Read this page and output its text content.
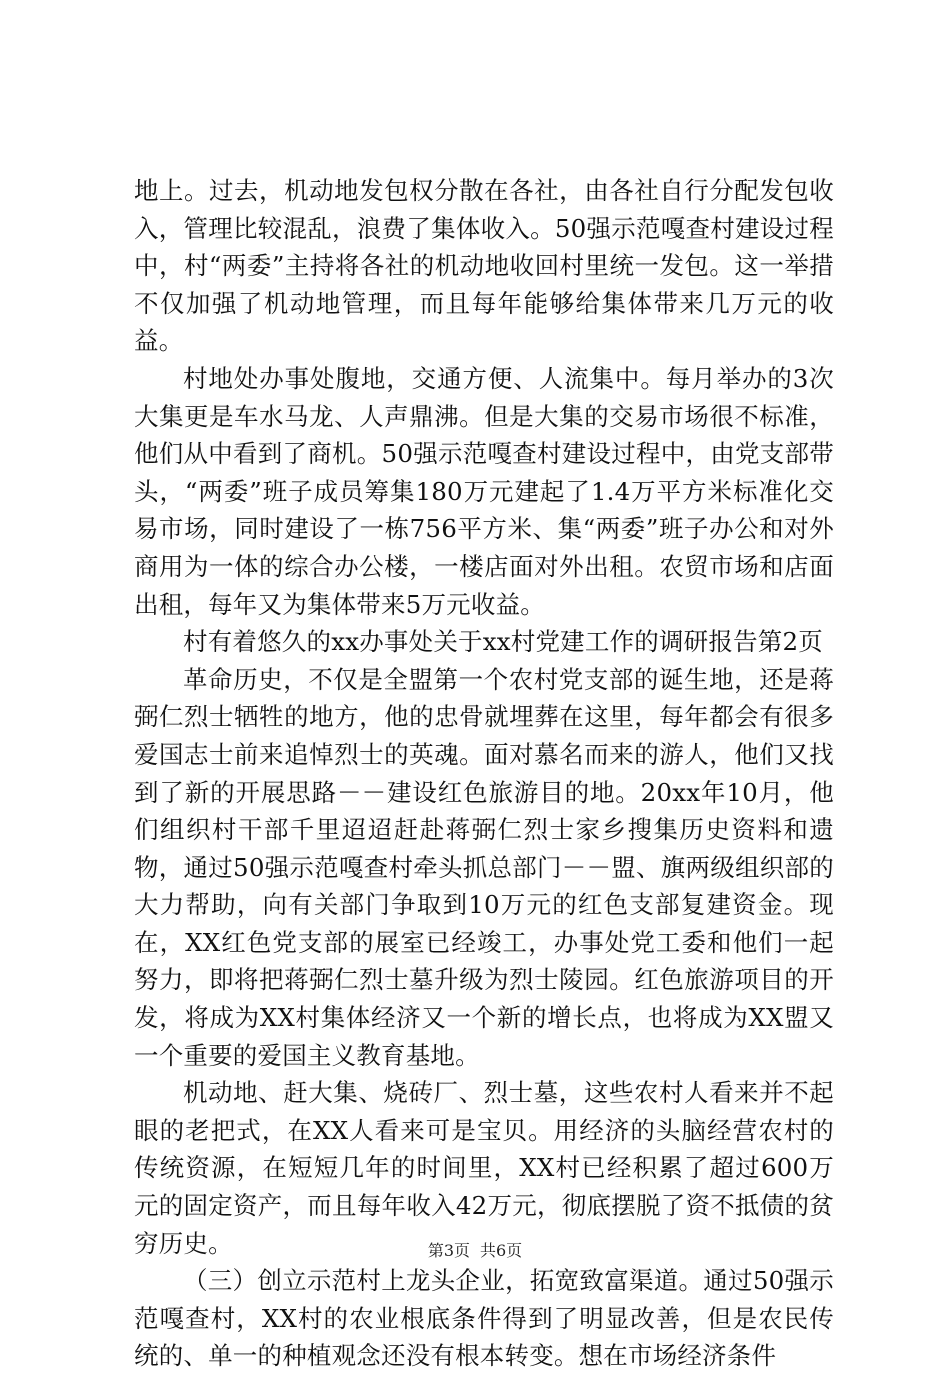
地上。过去，机动地发包权分散在各社，由各社自行分配发包收入，管理比较混乱，浪费了集体收入。50强示范嘎查村建设过程中，村“两委”主持将各社的机动地收回村里统一发包。这一举措不仅加强了机动地管理，而且每年能够给集体带来几万元的收益。

村地处办事处腹地，交通方便、人流集中。每月举办的3次大集更是车水马龙、人声鼎沸。但是大集的交易市场很不标准，他们从中看到了商机。50强示范嘎查村建设过程中，由党支部带头，“两委”班子成员筹集180万元建起了1.4万平方米标准化交易市场，同时建设了一栋756平方米、集“两委”班子办公和对外商用为一体的综合办公楼，一楼店面对外出租。农贸市场和店面出租，每年又为集体带来5万元收益。

村有着悠久的xx办事处关于xx村党建工作的调研报告第2页

革命历史，不仅是全盟第一个农村党支部的诞生地，还是蒋弼仁烈士牺牲的地方，他的忠骨就埋葬在这里，每年都会有很多爱国志士前来追悼烈士的英魂。面对慕名而来的游人，他们又找到了新的开展思路－－建设红色旅游目的地。20xx年10月，他们组织村干部千里迢迢赶赴蒋弼仁烈士家乡搜集历史资料和遗物，通过50强示范嘎查村牵头抓总部门－－盟、旗两级组织部的大力帮助，向有关部门争取到10万元的红色支部复建资金。现在，XX红色党支部的展室已经竣工，办事处党工委和他们一起努力，即将把蒋弼仁烈士墓升级为烈士陵园。红色旅游项目的开发，将成为XX村集体经济又一个新的增长点，也将成为XX盟又一个重要的爱国主义教育基地。

机动地、赶大集、烧砖厂、烈士墓，这些农村人看来并不起眼的老把式，在XX人看来可是宝贝。用经济的头脑经营农村的传统资源，在短短几年的时间里，XX村已经积累了超过600万元的固定资产，而且每年收入42万元，彻底摆脱了资不抵债的贫穷历史。

（三）创立示范村上龙头企业，拓宽致富渠道。通过50强示范嘎查村，XX村的农业根底条件得到了明显改善，但是农民传统的、单一的种植观念还没有根本转变。想在市场经济条件

第3页 共6页
